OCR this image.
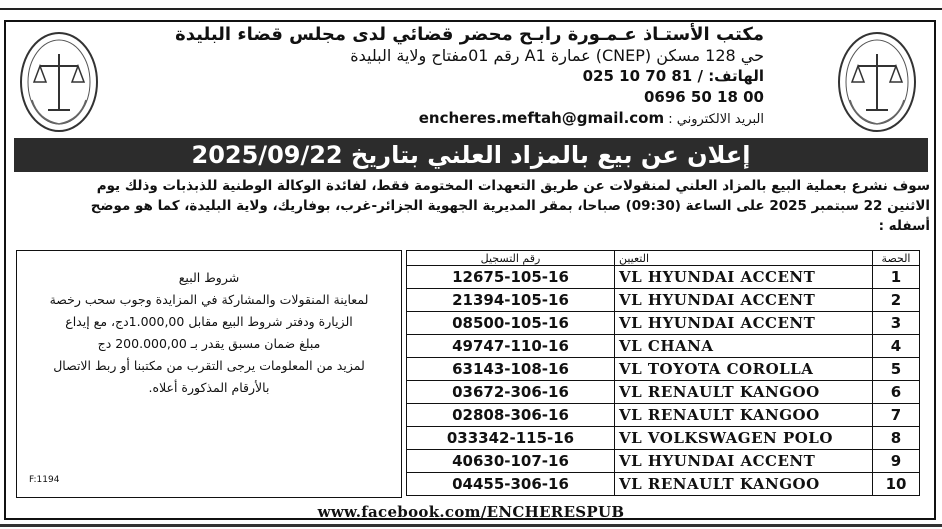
مكتب الأستـاذ عـمـورة رابـح محضر قضائي لدى مجلس قضاء البليدة
حي 128 مسكن (CNEP) عمارة A1 رقم 01مفتاح ولاية البليدة
الهاتف: 025 10 70 81 /
0696 50 18 00
البريد الالكتروني : encheres.meftah@gmail.com
إعلان عن بيع بالمزاد العلني بتاريخ

2025/09/22
سوف نشرع بعملية البيع بالمزاد العلني لمنقولات عن طريق التعهدات المختومة فقط، لفائدة الوكالة الوطنية للذبذبات وذلك يوم
الاثنين 22 سبتمبر 2025 على الساعة (09:30) صباحا، بمقر المديرية الجهوية الجزائر-غرب، بوفاريك، ولاية البليدة، كما هو موضح
أسفله :
رقم التسجيل	التعيين	الحصة
12675-105-16	VL HYUNDAI ACCENT	1
21394-105-16	VL HYUNDAI ACCENT	2
08500-105-16	VL HYUNDAI ACCENT	3
49747-110-16	VL CHANA	4
63143-108-16	VL TOYOTA COROLLA	5
03672-306-16	VL RENAULT KANGOO	6
02808-306-16	VL RENAULT KANGOO	7
033342-115-16	VL VOLKSWAGEN POLO	8
40630-107-16	VL HYUNDAI ACCENT	9
04455-306-16	VL RENAULT KANGOO	10
شروط البيع
لمعاينة المنقولات والمشاركة في المزايدة وجوب سحب رخصة
الزيارة ودفتر شروط البيع مقابل 1.000,00دج، مع إيداع
مبلغ ضمان مسبق يقدر بـ 200.000,00 دج
لمزيد من المعلومات يرجى التقرب من مكتبنا أو ربط الاتصال
بالأرقام المذكورة أعلاه.
F:1194
www.facebook.com/ENCHERESPUB
